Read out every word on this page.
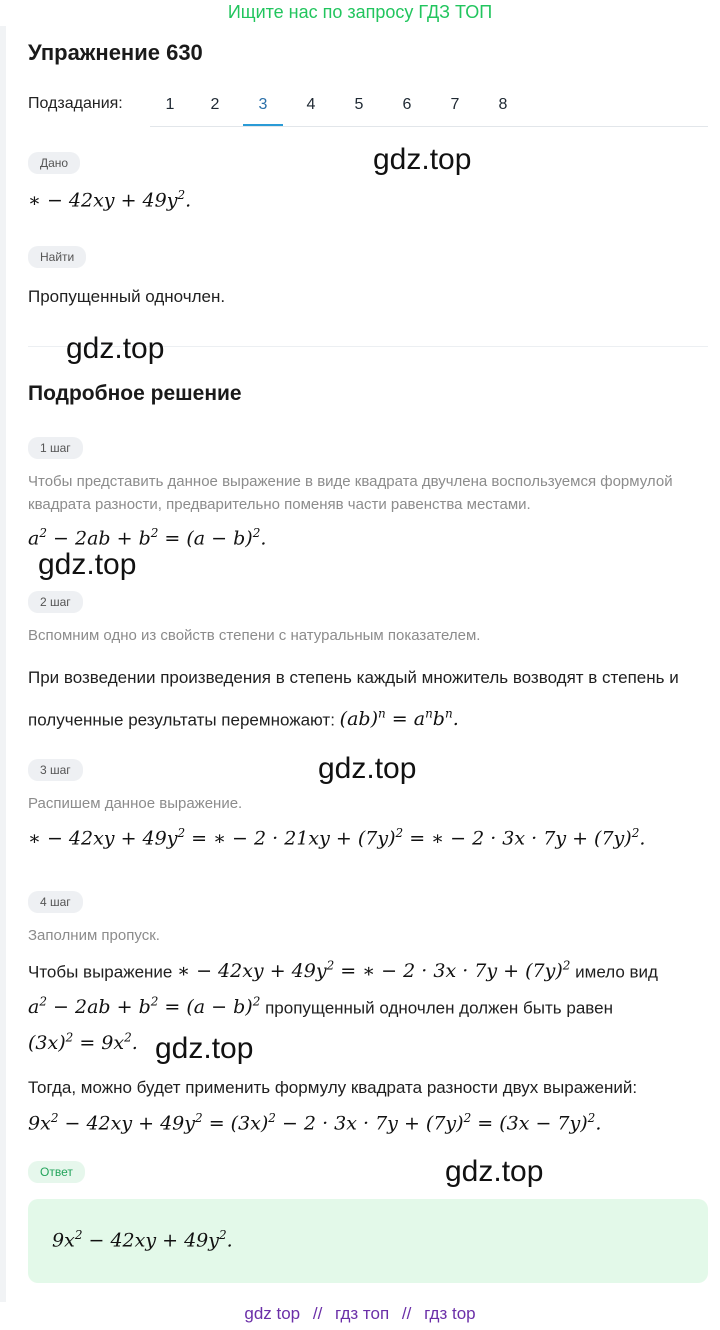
Ищите нас по запросу ГДЗ ТОП
Упражнение 630
Подзадания:	1	2	3	4	5	6	7	8
Дано
∗ − $42xy + 49y^2$.
Найти
Пропущенный одночлен.
Подробное решение
1 шаг
Чтобы представить данное выражение в виде квадрата двучлена воспользуемся формулой квадрата разности, предварительно поменяв части равенства местами.
$a^2 - 2ab + b^2 = (a - b)^2$.
2 шаг
Вспомним одно из свойств степени с натуральным показателем.
При возведении произведения в степень каждый множитель возводят в степень и полученные результаты перемножают: $(ab)^n = a^nb^n$.
3 шаг
Распишем данное выражение.
∗ − $42xy + 49y^2$ = ∗ − $2 \cdot 21xy + (7y)^2$ = ∗ − $2 \cdot 3x \cdot 7y + (7y)^2$.
4 шаг
Заполним пропуск.
Чтобы выражение ∗ − $42xy + 49y^2$ = ∗ − $2 \cdot 3x \cdot 7y + (7y)^2$ имело вид
$a^2 - 2ab + b^2 = (a - b)^2$ пропущенный одночлен должен быть равен
$(3x)^2 = 9x^2$.
Тогда, можно будет применить формулу квадрата разности двух выражений:
$9x^2 - 42xy + 49y^2 = (3x)^2 - 2 \cdot 3x \cdot 7y + (7y)^2 = (3x - 7y)^2$.
Ответ
$9x^2 - 42xy + 49y^2$.
gdz.top
gdz.top
gdz.top
gdz.top
gdz.top
gdz.top
gdz top // гдз топ // гдз top
